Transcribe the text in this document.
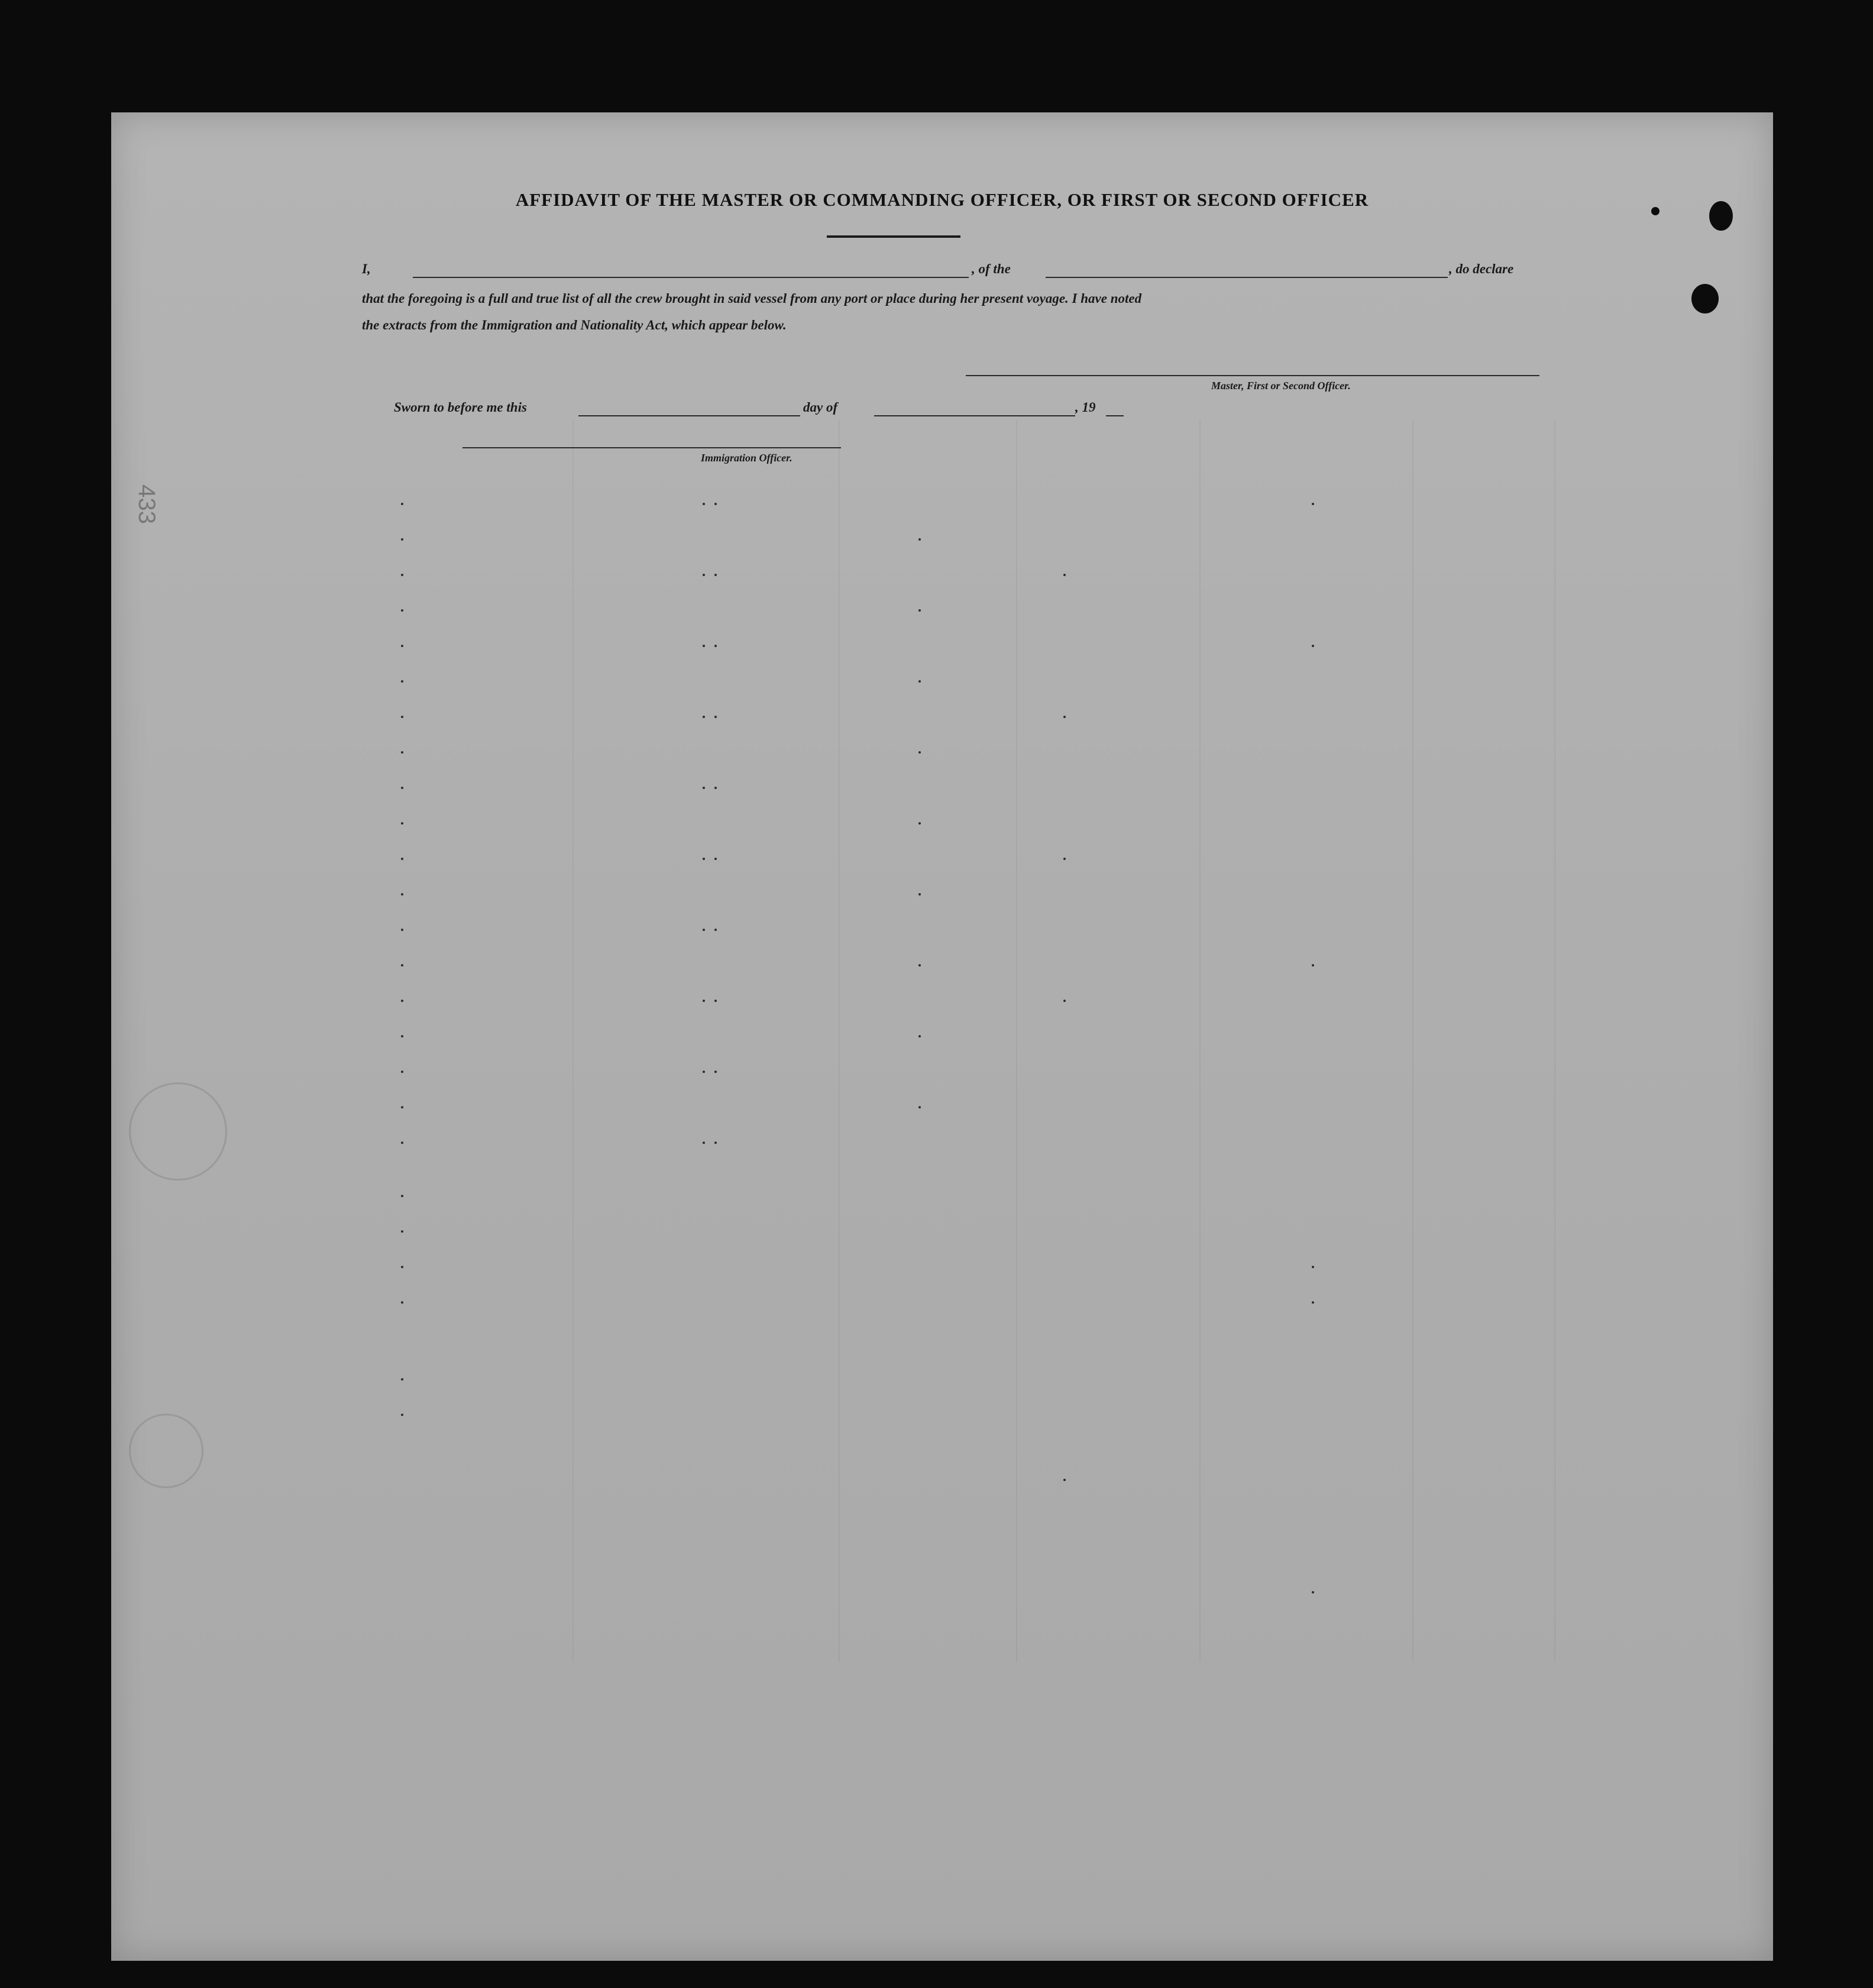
AFFIDAVIT OF THE MASTER OR COMMANDING OFFICER, OR FIRST OR SECOND OFFICER
I,	, of the	, do declare
that the foregoing is a full and true list of all the crew brought in said vessel from any port or place during her present voyage. I have noted
the extracts from the Immigration and Nationality Act, which appear below.
Master, First or Second Officer.
Sworn to before me this	day of	, 19
Immigration Officer.
433
